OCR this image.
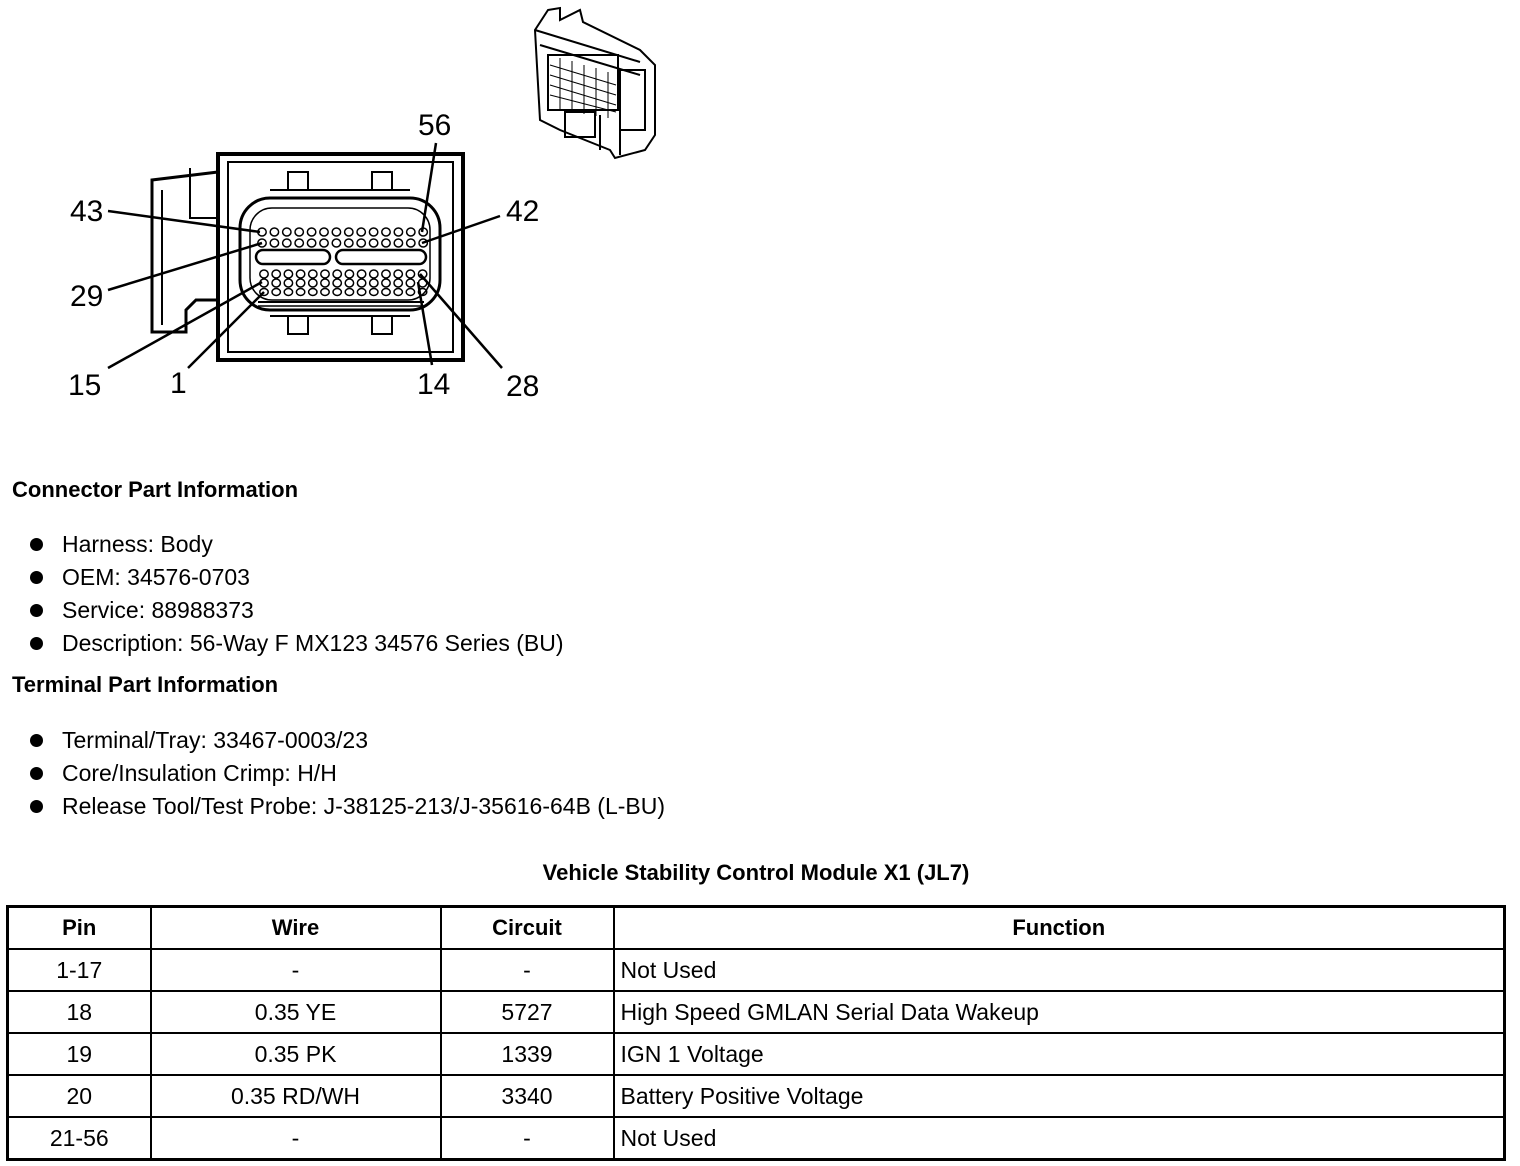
56
43	42
29
15 1	14 28
Connector Part Information
Harness: Body
OEM: 34576-0703
Service: 88988373
Description: 56-Way F MX123 34576 Series (BU)
Terminal Part Information
Terminal/Tray: 33467-0003/23
Core/Insulation Crimp: H/H
Release Tool/Test Probe: J-38125-213/J-35616-64B (L-BU)
Vehicle Stability Control Module X1 (JL7)
Pin	Wire	Circuit	Function
1-17	-	-	Not Used
18	0.35 YE	5727	High Speed GMLAN Serial Data Wakeup
19	0.35 PK	1339	IGN 1 Voltage
20	0.35 RD/WH	3340	Battery Positive Voltage
21-56	-	-	Not Used
